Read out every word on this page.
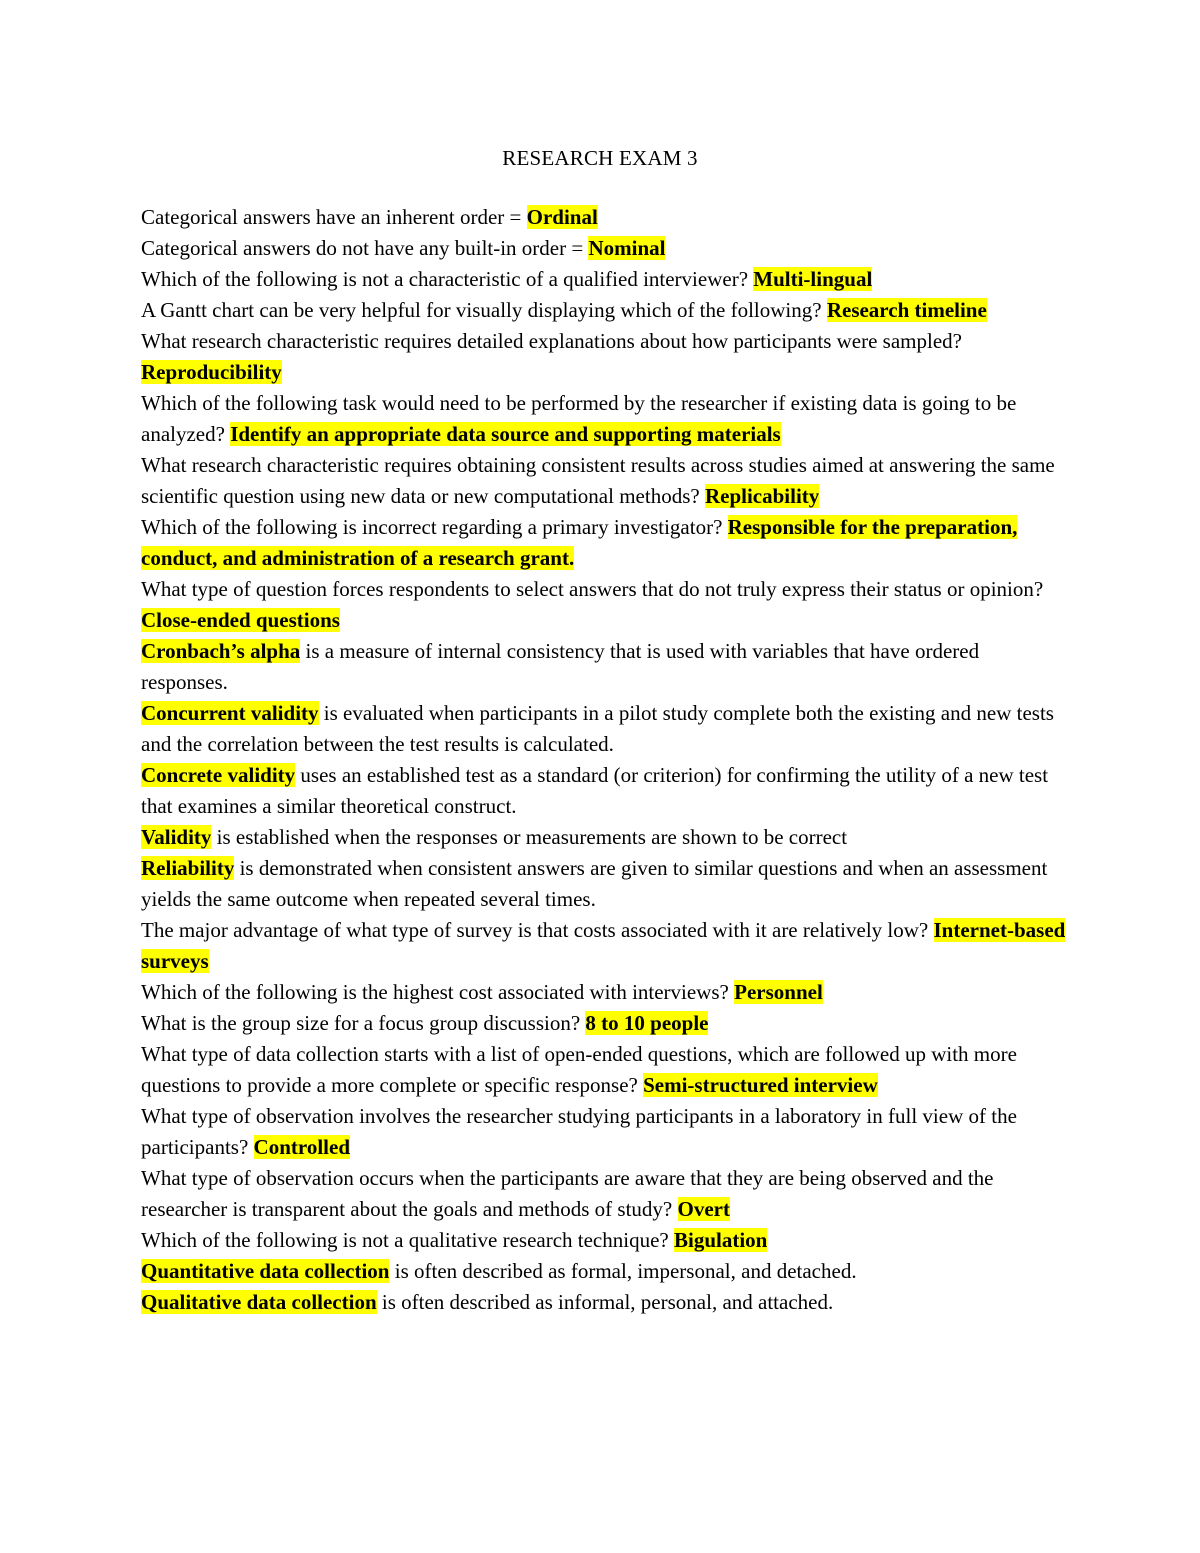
RESEARCH EXAM 3

Categorical answers have an inherent order = Ordinal

Categorical answers do not have any built-in order = Nominal

Which of the following is not a characteristic of a qualified interviewer? Multi-lingual

A Gantt chart can be very helpful for visually displaying which of the following? Research timeline

What research characteristic requires detailed explanations about how participants were sampled? Reproducibility

Which of the following task would need to be performed by the researcher if existing data is going to be analyzed? Identify an appropriate data source and supporting materials

What research characteristic requires obtaining consistent results across studies aimed at answering the same scientific question using new data or new computational methods? Replicability

Which of the following is incorrect regarding a primary investigator? Responsible for the preparation, conduct, and administration of a research grant.

What type of question forces respondents to select answers that do not truly express their status or opinion? Close-ended questions

Cronbach’s alpha is a measure of internal consistency that is used with variables that have ordered responses.

Concurrent validity is evaluated when participants in a pilot study complete both the existing and new tests and the correlation between the test results is calculated.

Concrete validity uses an established test as a standard (or criterion) for confirming the utility of a new test that examines a similar theoretical construct.

Validity is established when the responses or measurements are shown to be correct

Reliability is demonstrated when consistent answers are given to similar questions and when an assessment yields the same outcome when repeated several times.

The major advantage of what type of survey is that costs associated with it are relatively low? Internet-based surveys

Which of the following is the highest cost associated with interviews? Personnel

What is the group size for a focus group discussion? 8 to 10 people

What type of data collection starts with a list of open-ended questions, which are followed up with more questions to provide a more complete or specific response? Semi-structured interview

What type of observation involves the researcher studying participants in a laboratory in full view of the participants? Controlled

What type of observation occurs when the participants are aware that they are being observed and the researcher is transparent about the goals and methods of study? Overt

Which of the following is not a qualitative research technique? Bigulation

Quantitative data collection is often described as formal, impersonal, and detached.

Qualitative data collection is often described as informal, personal, and attached.
